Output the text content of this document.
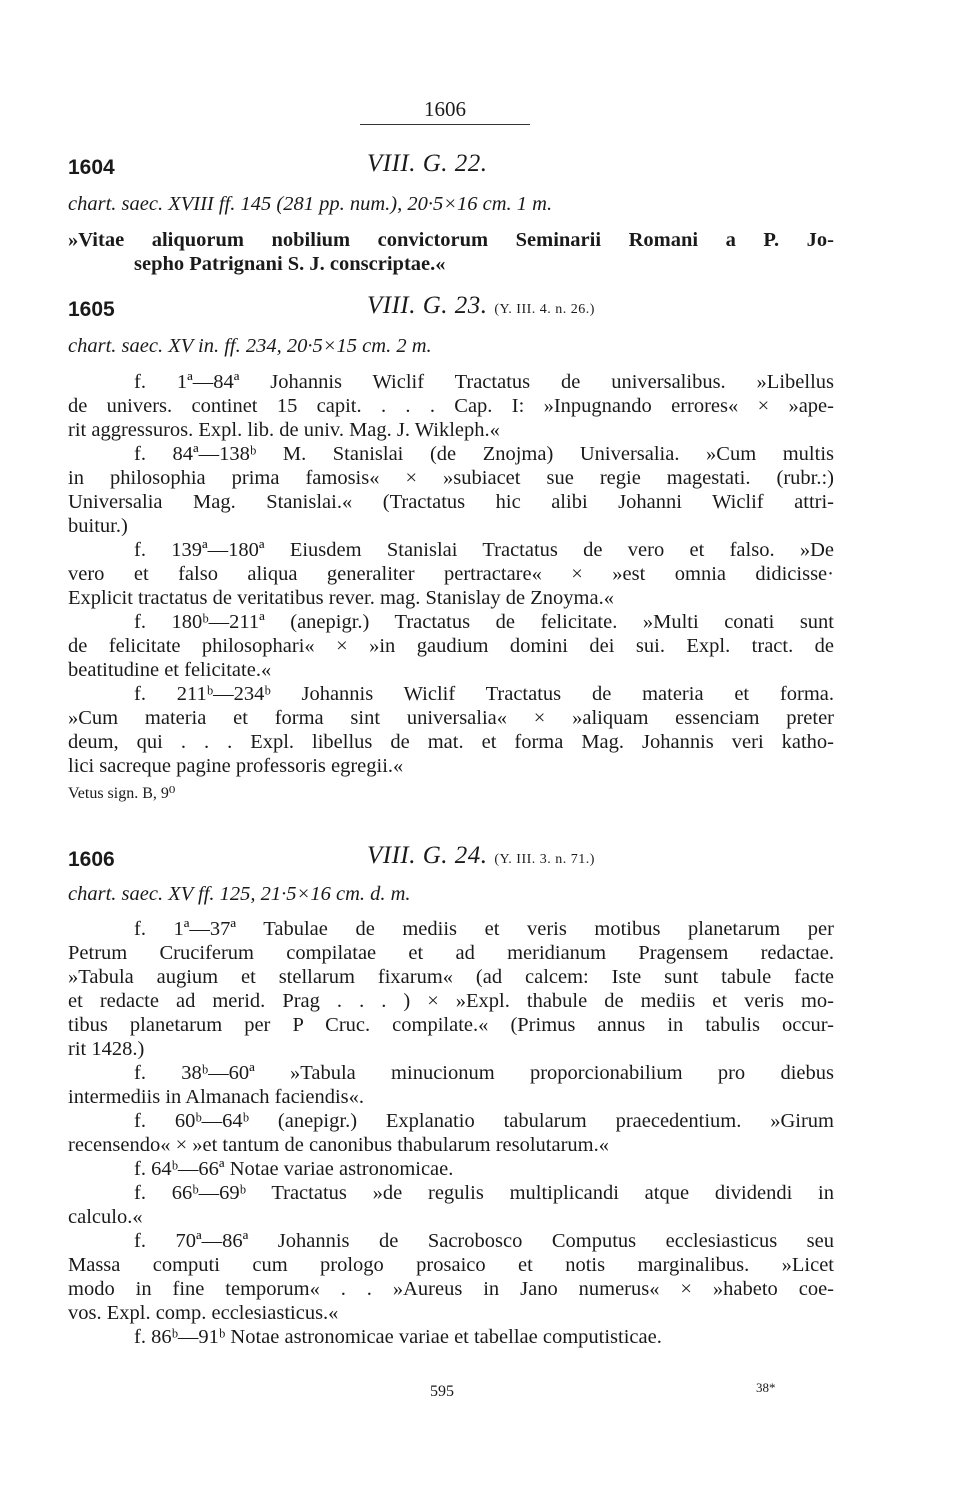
1606
1604	VIII. G. 22.
chart. saec. XVIII ff. 145 (281 pp. num.), 20·5×16 cm. 1 m.
»Vitae aliquorum nobilium convictorum Seminarii Romani a P. Jo-
sepho Patrignani S. J. conscriptae.«
1605	VIII. G. 23. (Y. III. 4. n. 26.)
chart. saec. XV in. ff. 234, 20·5×15 cm. 2 m.
f. 1ª—84ª Johannis Wiclif Tractatus de universalibus. »Libellus
de univers. continet 15 capit. . . . Cap. I: »Inpugnando errores« × »ape-
rit aggressuros. Expl. lib. de univ. Mag. J. Wikleph.«
f. 84ª—138ᵇ M. Stanislai (de Znojma) Universalia. »Cum multis
in philosophia prima famosis« × »subiacet sue regie magestati. (rubr.:)
Universalia Mag. Stanislai.« (Tractatus hic alibi Johanni Wiclif attri-
buitur.)
f. 139ª—180ª Eiusdem Stanislai Tractatus de vero et falso. »De
vero et falso aliqua generaliter pertractare« × »est omnia didicisse·
Explicit tractatus de veritatibus rever. mag. Stanislay de Znoyma.«
f. 180ᵇ—211ª (anepigr.) Tractatus de felicitate. »Multi conati sunt
de felicitate philosophari« × »in gaudium domini dei sui. Expl. tract. de
beatitudine et felicitate.«
f. 211ᵇ—234ᵇ Johannis Wiclif Tractatus de materia et forma.
»Cum materia et forma sint universalia« × »aliquam essenciam preter
deum, qui . . . Expl. libellus de mat. et forma Mag. Johannis veri katho-
lici sacreque pagine professoris egregii.«
Vetus sign. B, 9⁰
1606	VIII. G. 24. (Y. III. 3. n. 71.)
chart. saec. XV ff. 125, 21·5×16 cm. d. m.
f. 1ª—37ª Tabulae de mediis et veris motibus planetarum per
Petrum Cruciferum compilatae et ad meridianum Pragensem redactae.
»Tabula augium et stellarum fixarum« (ad calcem: Iste sunt tabule facte
et redacte ad merid. Prag . . . ) × »Expl. thabule de mediis et veris mo-
tibus planetarum per P Cruc. compilate.« (Primus annus in tabulis occur-
rit 1428.)
f. 38ᵇ—60ª »Tabula minucionum proporcionabilium pro diebus
intermediis in Almanach faciendis«.
f. 60ᵇ—64ᵇ (anepigr.) Explanatio tabularum praecedentium. »Girum
recensendo« × »et tantum de canonibus thabularum resolutarum.«
f. 64ᵇ—66ª Notae variae astronomicae.
f. 66ᵇ—69ᵇ Tractatus »de regulis multiplicandi atque dividendi in
calculo.«
f. 70ª—86ª Johannis de Sacrobosco Computus ecclesiasticus seu
Massa computi cum prologo prosaico et notis marginalibus. »Licet
modo in fine temporum« . . »Aureus in Jano numerus« × »habeto coe-
vos. Expl. comp. ecclesiasticus.«
f. 86ᵇ—91ᵇ Notae astronomicae variae et tabellae computisticae.
595	38*
